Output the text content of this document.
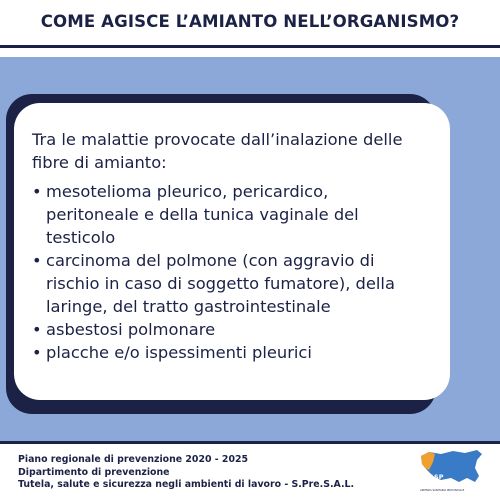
COME AGISCE L’AMIANTO NELL’ORGANISMO?
Tra le malattie provocate dall’inalazione delle
fibre di amianto:
• mesotelioma pleurico, pericardico,
peritoneale e della tunica vaginale del
testicolo
• carcinoma del polmone (con aggravio di
rischio in caso di soggetto fumatore), della
laringe, del tratto gastrointestinale
• asbestosi polmonare
• placche e/o ispessimenti pleurici
Piano regionale di prevenzione 2020 - 2025
Dipartimento di prevenzione
Tutela, salute e sicurezza negli ambienti di lavoro - S.Pre.S.A.L.
ASP
TRAPANI
AZIENDA SANITARIA PROVINCIALE
